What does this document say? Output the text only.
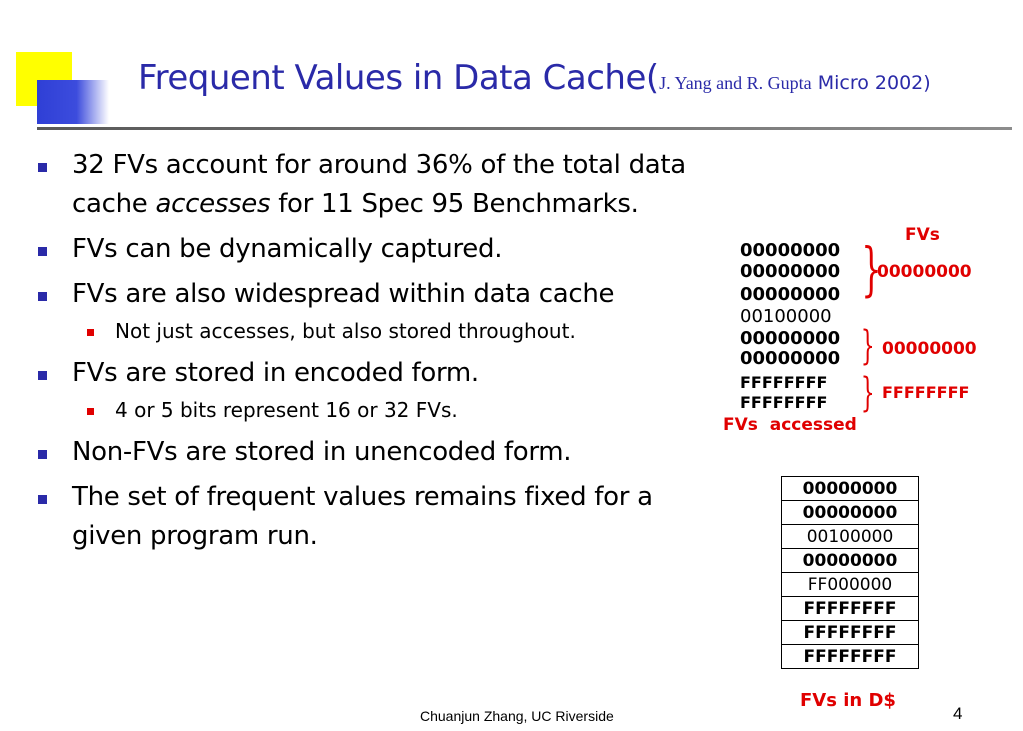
Frequent Values in Data Cache(J. Yang and R. Gupta Micro 2002)
32 FVs account for around 36% of the total data cache accesses for 11 Spec 95 Benchmarks.
FVs can be dynamically captured.
FVs are also widespread within data cache
Not just accesses, but also stored throughout.
FVs are stored in encoded form.
4 or 5 bits represent 16 or 32 FVs.
Non-FVs are stored in unencoded form.
The set of frequent values remains fixed for a given program run.
FVs
00000000
00000000
00000000
00100000
00000000
00000000
FFFFFFFF
FFFFFFFF
}
00000000
} 00000000
} FFFFFFFF
FVs  accessed
00000000
00000000
00100000
00000000
FF000000
FFFFFFFF
FFFFFFFF
FFFFFFFF
FVs in D$
Chuanjun Zhang, UC Riverside	4
